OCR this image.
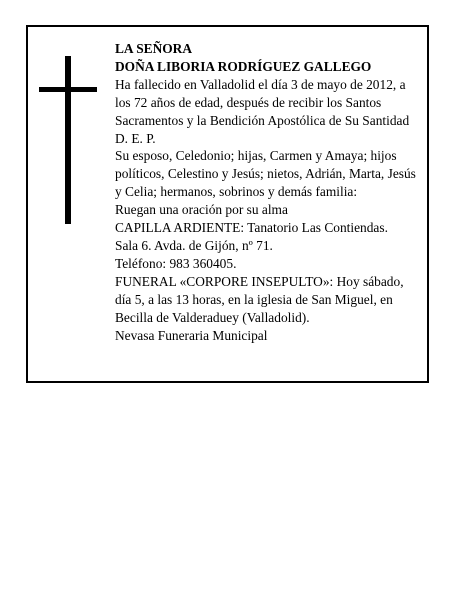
LA SEÑORA

DOÑA LIBORIA RODRÍGUEZ GALLEGO

Ha fallecido en Valladolid el día 3 de mayo de 2012, a los 72 años de edad, después de recibir los Santos Sacramentos y la Bendición Apostólica de Su Santidad

D. E. P.

Su esposo, Celedonio; hijas, Carmen y Amaya; hijos políticos, Celestino y Jesús; nietos, Adrián, Marta, Jesús y Celia; hermanos, sobrinos y demás familia:

Ruegan una oración por su alma

CAPILLA ARDIENTE: Tanatorio Las Contiendas.

Sala 6. Avda. de Gijón, nº 71.

Teléfono: 983 360405.

FUNERAL «CORPORE INSEPULTO»: Hoy sábado, día 5, a las 13 horas, en la iglesia de San Miguel, en Becilla de Valderaduey (Valladolid).

Nevasa Funeraria Municipal
